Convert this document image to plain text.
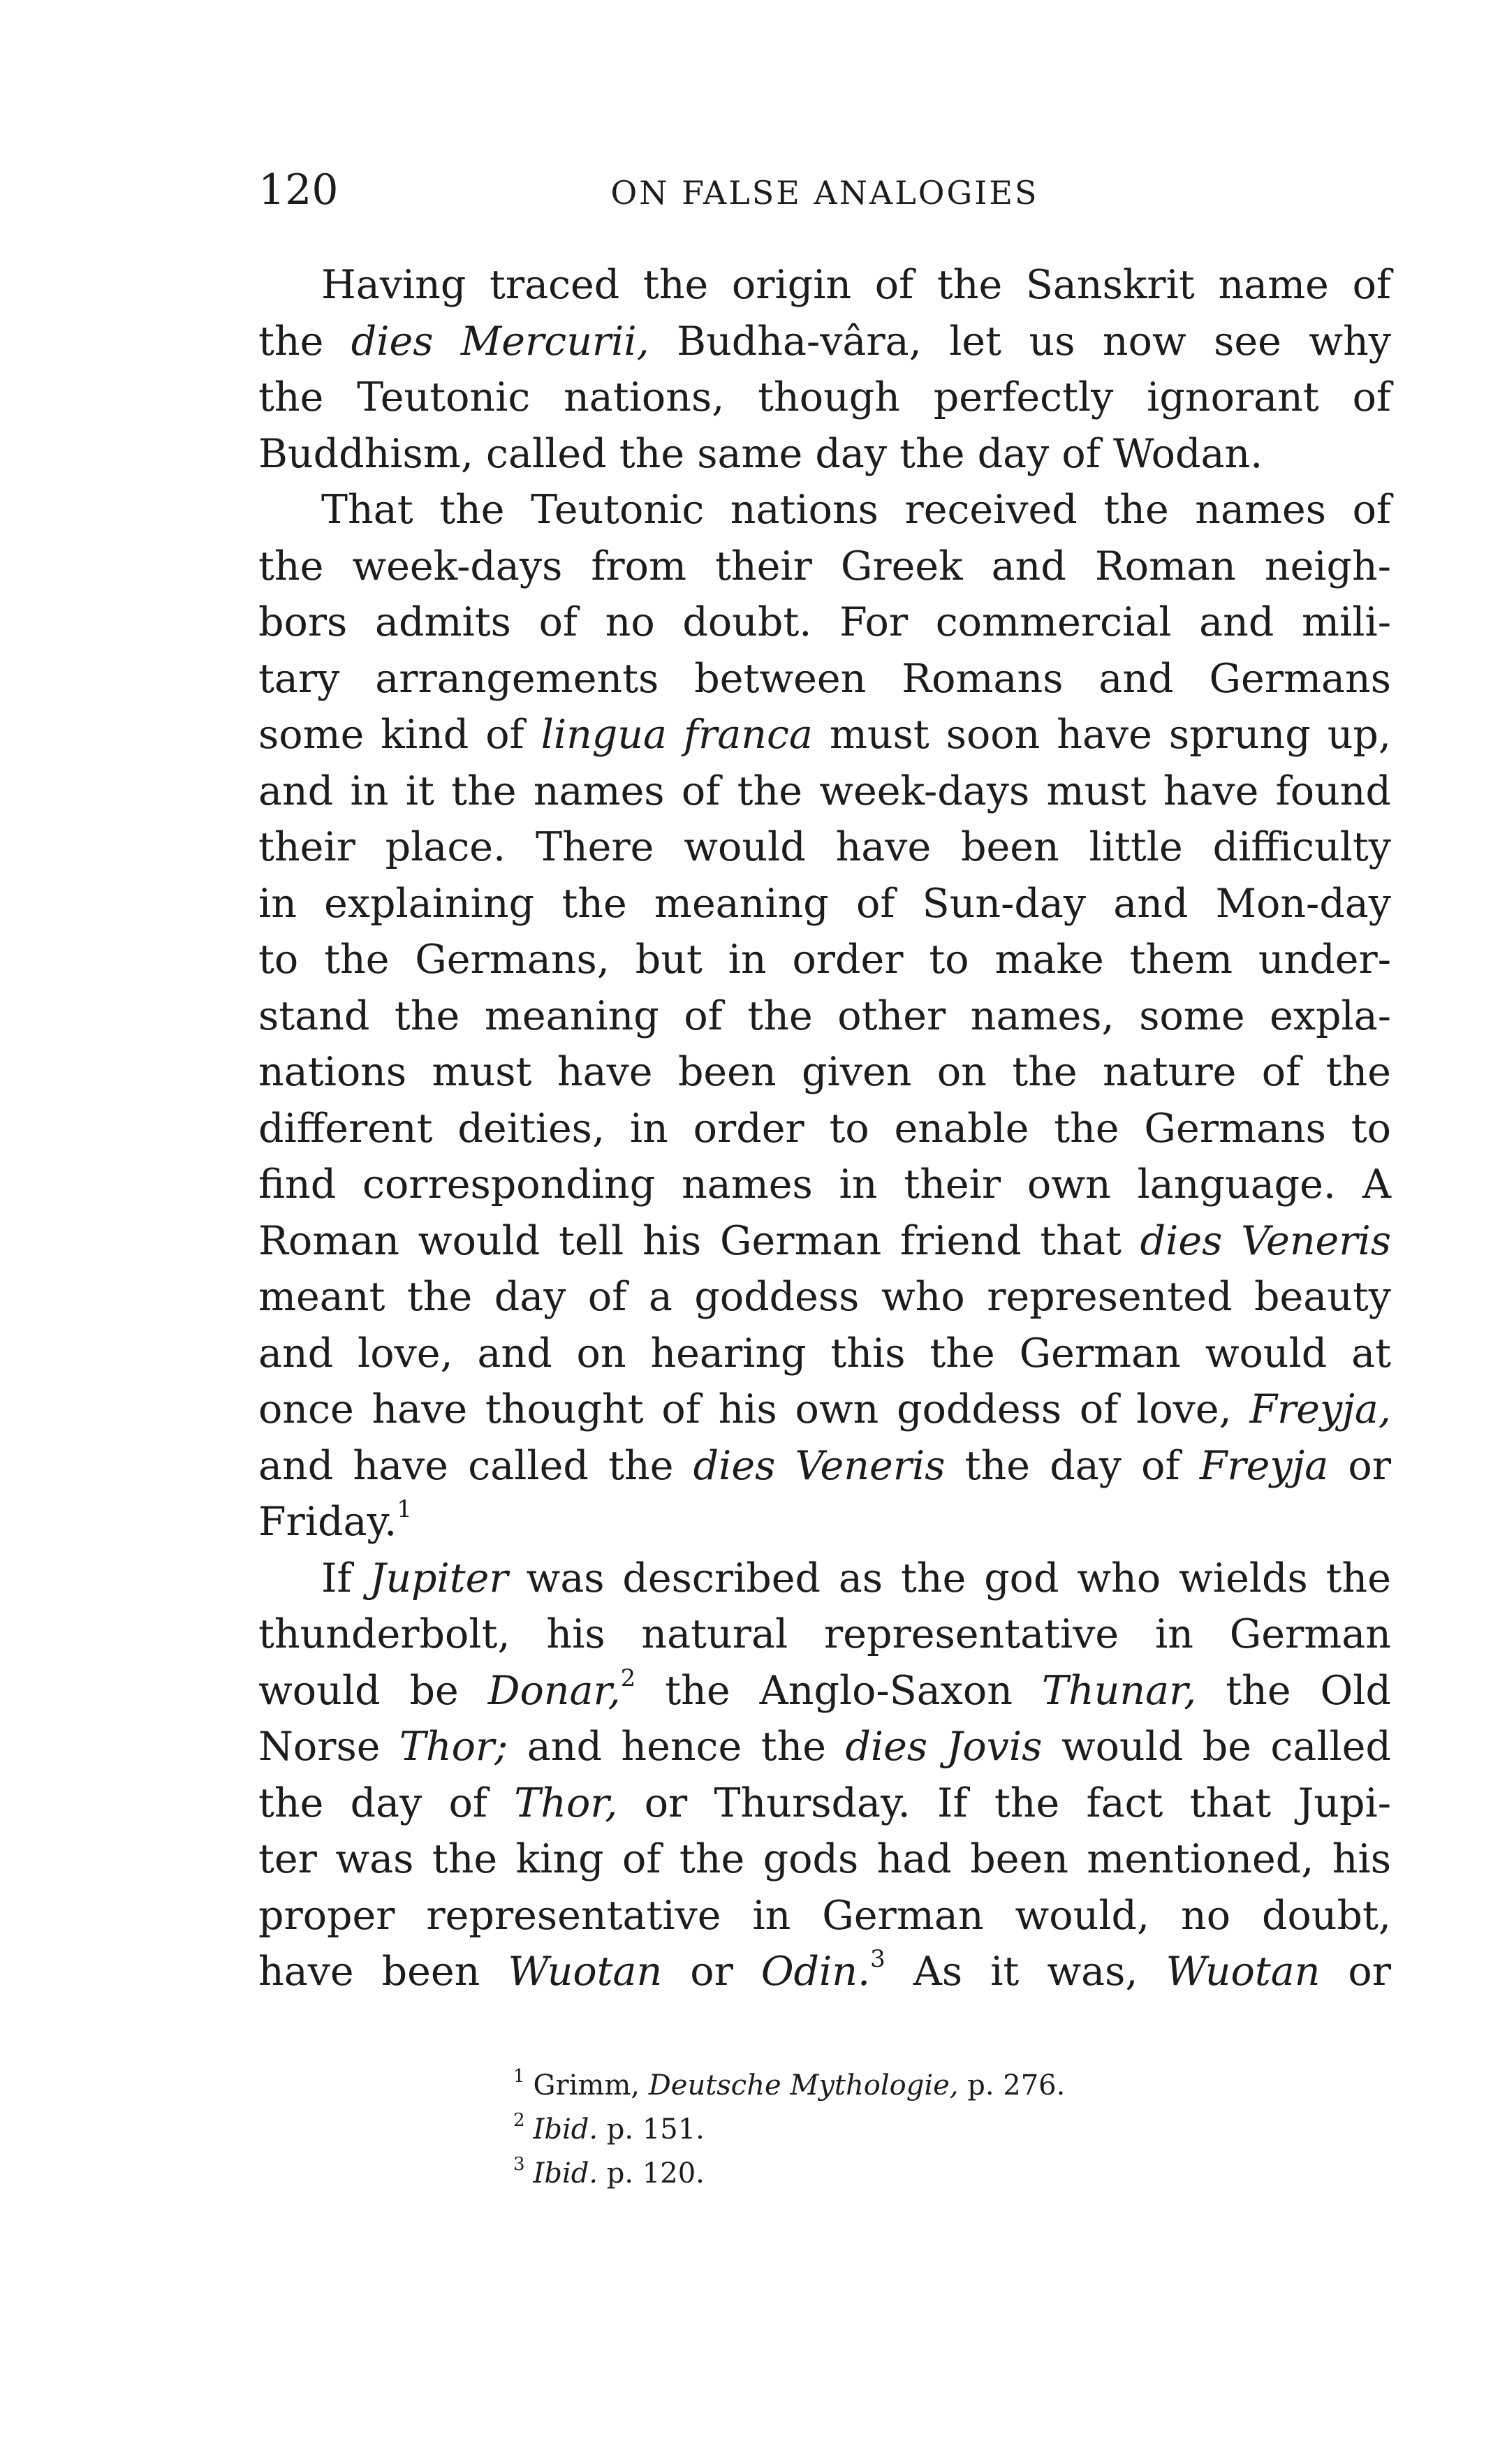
120	ON FALSE ANALOGIES
Having traced the origin of the Sanskrit name of
the dies Mercurii, Budha-vâra, let us now see why
the Teutonic nations, though perfectly ignorant of
Buddhism, called the same day the day of Wodan.
That the Teutonic nations received the names of
the week-days from their Greek and Roman neigh-
bors admits of no doubt. For commercial and mili-
tary arrangements between Romans and Germans
some kind of lingua franca must soon have sprung up,
and in it the names of the week-days must have found
their place. There would have been little difficulty
in explaining the meaning of Sun-day and Mon-day
to the Germans, but in order to make them under-
stand the meaning of the other names, some expla-
nations must have been given on the nature of the
different deities, in order to enable the Germans to
find corresponding names in their own language. A
Roman would tell his German friend that dies Veneris
meant the day of a goddess who represented beauty
and love, and on hearing this the German would at
once have thought of his own goddess of love, Freyja,
and have called the dies Veneris the day of Freyja or
Friday.$^1$
If Jupiter was described as the god who wields the
thunderbolt, his natural representative in German
would be Donar,$^2$ the Anglo-Saxon Thunar, the Old
Norse Thor; and hence the dies Jovis would be called
the day of Thor, or Thursday. If the fact that Jupi-
ter was the king of the gods had been mentioned, his
proper representative in German would, no doubt,
have been Wuotan or Odin.$^3$ As it was, Wuotan or
$^1$ Grimm, Deutsche Mythologie, p. 276.
$^2$ Ibid. p. 151.
$^3$ Ibid. p. 120.
